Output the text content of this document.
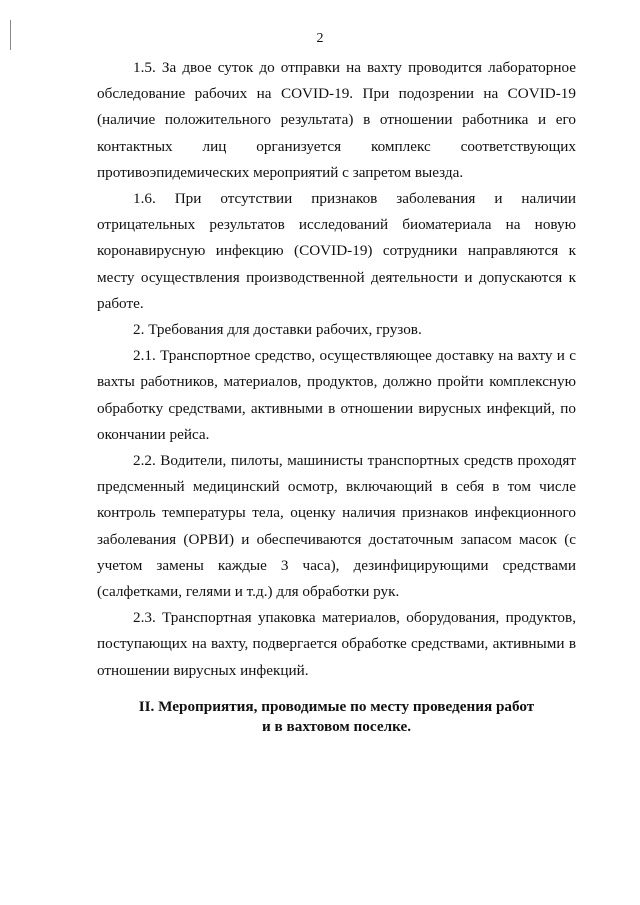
2

1.5. За двое суток до отправки на вахту проводится лабораторное обследование рабочих на COVID-19. При подозрении на COVID-19 (наличие положительного результата) в отношении работника и его контактных лиц организуется комплекс соответствующих противоэпидемических мероприятий с запретом выезда.

1.6. При отсутствии признаков заболевания и наличии отрицательных результатов исследований биоматериала на новую коронавирусную инфекцию (COVID-19) сотрудники направляются к месту осуществления производственной деятельности и допускаются к работе.

2. Требования для доставки рабочих, грузов.

2.1. Транспортное средство, осуществляющее доставку на вахту и с вахты работников, материалов, продуктов, должно пройти комплексную обработку средствами, активными в отношении вирусных инфекций, по окончании рейса.

2.2. Водители, пилоты, машинисты транспортных средств проходят предсменный медицинский осмотр, включающий в себя в том числе контроль температуры тела, оценку наличия признаков инфекционного заболевания (ОРВИ) и обеспечиваются достаточным запасом масок (с учетом замены каждые 3 часа), дезинфицирующими средствами (салфетками, гелями и т.д.) для обработки рук.

2.3. Транспортная упаковка материалов, оборудования, продуктов, поступающих на вахту, подвергается обработке средствами, активными в отношении вирусных инфекций.

II. Мероприятия, проводимые по месту проведения работ
и в вахтовом поселке.
